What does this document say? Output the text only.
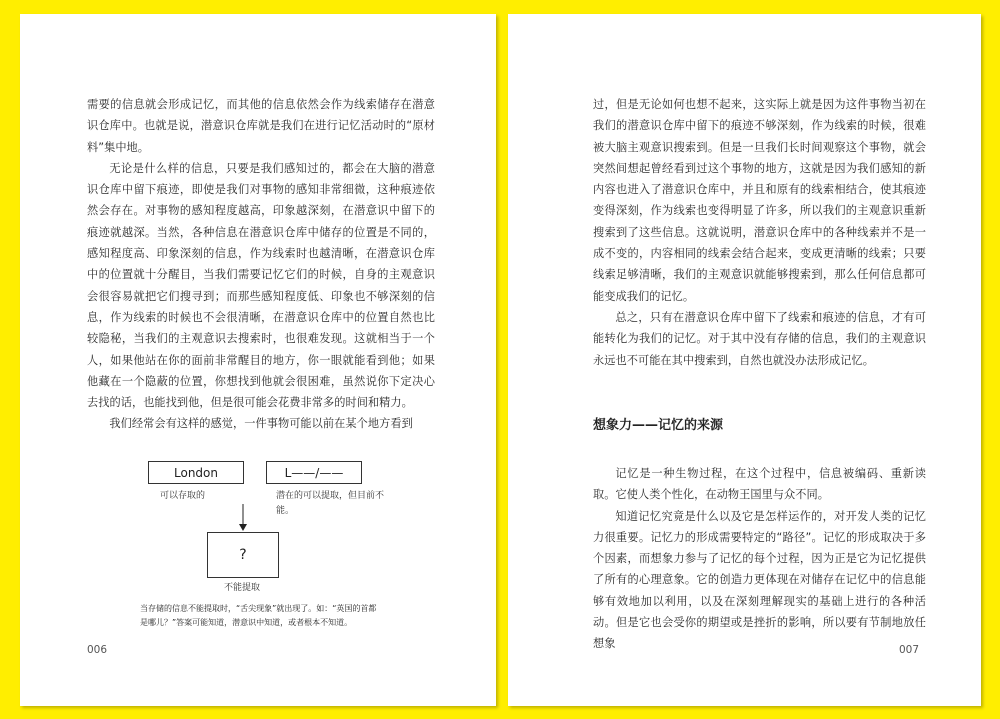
需要的信息就会形成记忆，而其他的信息依然会作为线索储存在潜意识仓库中。也就是说，潜意识仓库就是我们在进行记忆活动时的“原材料”集中地。

无论是什么样的信息，只要是我们感知过的，都会在大脑的潜意识仓库中留下痕迹，即使是我们对事物的感知非常细微，这种痕迹依然会存在。对事物的感知程度越高，印象越深刻，在潜意识中留下的痕迹就越深。当然，各种信息在潜意识仓库中储存的位置是不同的，感知程度高、印象深刻的信息，作为线索时也越清晰，在潜意识仓库中的位置就十分醒目，当我们需要记忆它们的时候，自身的主观意识会很容易就把它们搜寻到；而那些感知程度低、印象也不够深刻的信息，作为线索的时候也不会很清晰，在潜意识仓库中的位置自然也比较隐秘，当我们的主观意识去搜索时，也很难发现。这就相当于一个人，如果他站在你的面前非常醒目的地方，你一眼就能看到他；如果他藏在一个隐蔽的位置，你想找到他就会很困难，虽然说你下定决心去找的话，也能找到他，但是很可能会花费非常多的时间和精力。

我们经常会有这样的感觉，一件事物可能以前在某个地方看到

London	L——/——
?
可以存取的	潜在的可以提取，但目前不能。
不能提取

当存储的信息不能提取时，“舌尖现象”就出现了。如：“英国的首都是哪儿？”答案可能知道，潜意识中知道，或者根本不知道。

006

过，但是无论如何也想不起来，这实际上就是因为这件事物当初在我们的潜意识仓库中留下的痕迹不够深刻，作为线索的时候，很难被大脑主观意识搜索到。但是一旦我们长时间观察这个事物，就会突然间想起曾经看到过这个事物的地方，这就是因为我们感知的新内容也进入了潜意识仓库中，并且和原有的线索相结合，使其痕迹变得深刻，作为线索也变得明显了许多，所以我们的主观意识重新搜索到了这些信息。这就说明，潜意识仓库中的各种线索并不是一成不变的，内容相同的线索会结合起来，变成更清晰的线索；只要线索足够清晰，我们的主观意识就能够搜索到，那么任何信息都可能变成我们的记忆。

总之，只有在潜意识仓库中留下了线索和痕迹的信息，才有可能转化为我们的记忆。对于其中没有存储的信息，我们的主观意识永远也不可能在其中搜索到，自然也就没办法形成记忆。

想象力——记忆的来源

记忆是一种生物过程，在这个过程中，信息被编码、重新读取。它使人类个性化，在动物王国里与众不同。

知道记忆究竟是什么以及它是怎样运作的，对开发人类的记忆力很重要。记忆力的形成需要特定的“路径”。记忆的形成取决于多个因素，而想象力参与了记忆的每个过程，因为正是它为记忆提供了所有的心理意象。它的创造力更体现在对储存在记忆中的信息能够有效地加以利用，以及在深刻理解现实的基础上进行的各种活动。但是它也会受你的期望或是挫折的影响，所以要有节制地放任想象	007
